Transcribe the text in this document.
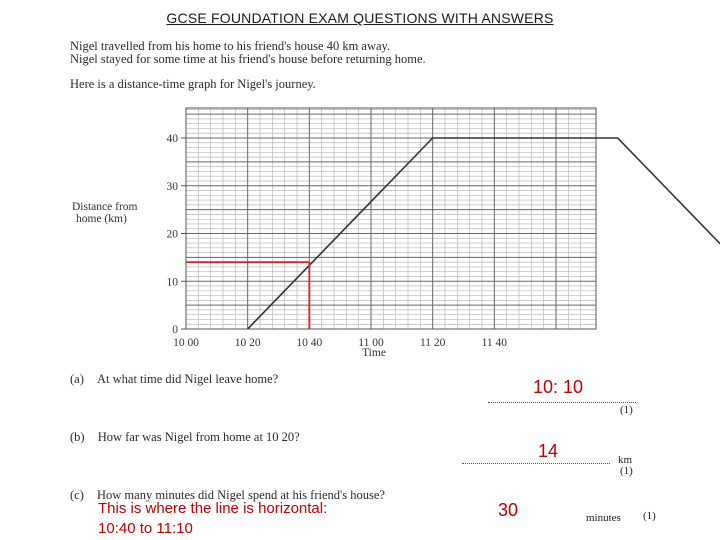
GCSE FOUNDATION EXAM QUESTIONS WITH ANSWERS
Nigel travelled from his home to his friend's house 40 km away.
Nigel stayed for some time at his friend's house before returning home.
Here is a distance-time graph for Nigel's journey.
10 00	10 20	10 40	11 00	11 20	11 40
0
10
20
30
40
Time
Distance from
home (km)
(a) At what time did Nigel leave home?	10: 10
(1)
(b) How far was Nigel from home at 10 20?
14	km
(1)
(c) How many minutes did Nigel spend at his friend's house?
This is where the line is horizontal:
10:40 to 11:10
30	minutes (1)
